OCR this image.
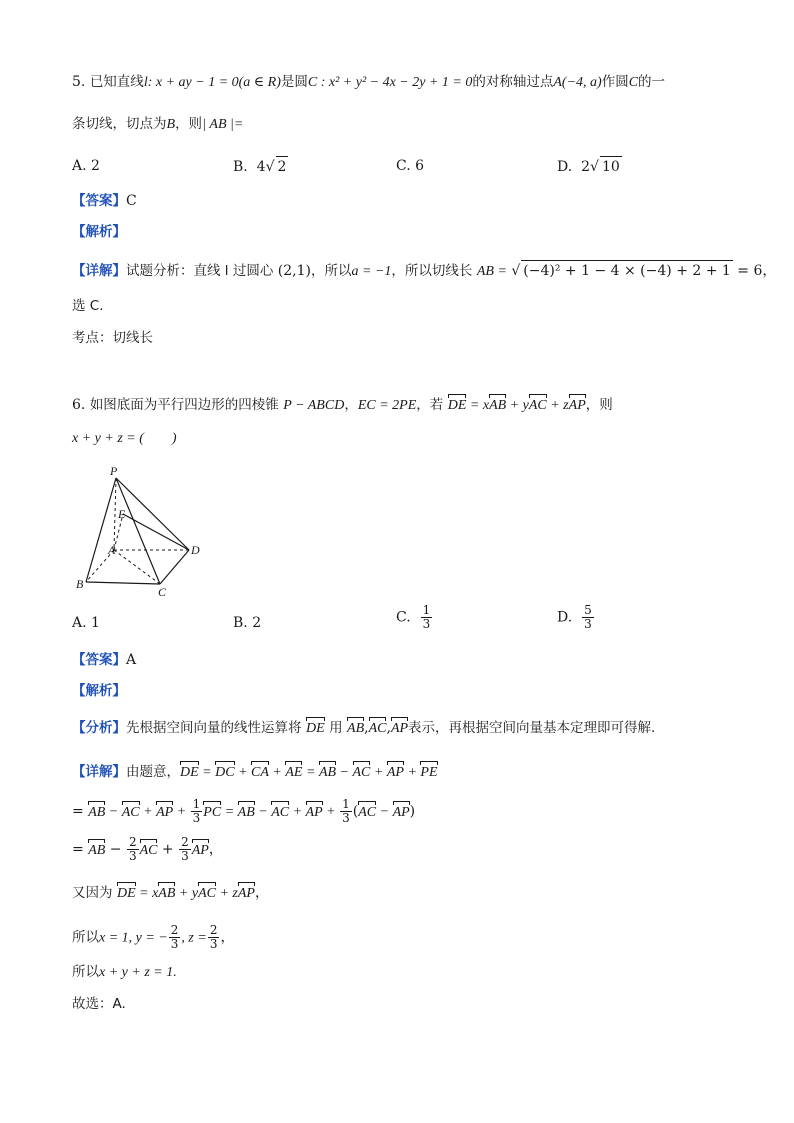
5. 已知直线l: x + ay − 1 = 0(a ∈ R)是圆C : x² + y² − 4x − 2y + 1 = 0的对称轴过点A(−4, a)作圆C的一
条切线，切点为B，则| AB |=
A. 2	B. 4√ 2	C. 6	D. 2√ 10
【答案】C
【解析】
【详解】试题分析：直线 l 过圆心 (2,1)，所以a = −1，所以切线长 AB = √ (−4)² + 1 − 4 × (−4) + 2 + 1 = 6，
选 C.
考点：切线长
6. 如图底面为平行四边形的四棱锥 P − ABCD，EC = 2PE，若 DE = xAB + yAC + zAP，则
x + y + z = (　　)
P
E
A	D
B
C
A. 1	B. 2	C. $\frac{1}{3}$	D. $\frac{5}{3}$
【答案】A
【解析】
【分析】先根据空间向量的线性运算将 DE 用 AB,AC,AP表示，再根据空间向量基本定理即可得解.
【详解】由题意，DE = DC + CA + AE = AB − AC + AP + PE
= AB − AC + AP + $\frac{1}{3}$ PC = AB − AC + AP + $\frac{1}{3} (AC - AP)$
= AB − $\frac{2}{3}$ AC + $\frac{2}{3}$ AP，
又因为 DE = xAB + yAC + zAP，
所以x = 1, y = − $\frac{2}{3}$ , $z = \frac{2}{3}$ ，
所以x + y + z = 1.
故选：A.
